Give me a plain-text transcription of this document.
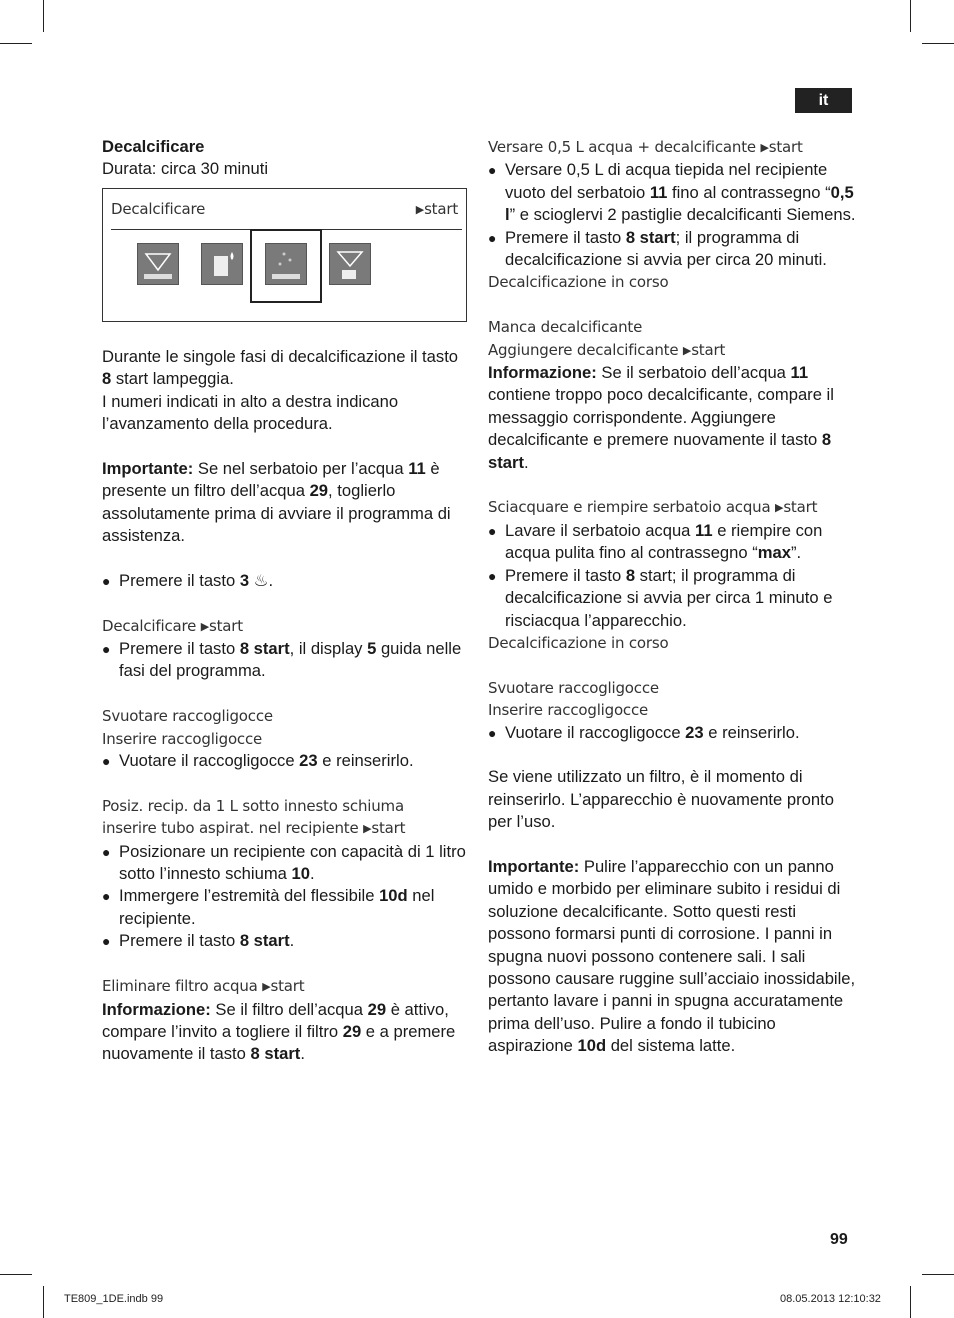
it

Decalcificare

Durata: circa 30 minuti

Decalcificare	▶start

Durante le singole fasi di decalcificazione il tasto 8 start lampeggia.

I numeri indicati in alto a destra indicano l’avanzamento della procedura.

Importante: Se nel serbatoio per l’acqua 11 è presente un filtro dell’acqua 29, toglierlo assolutamente prima di avviare il programma di assistenza.

● Premere il tasto 3 ♨.

Decalcificare ▶start

● Premere il tasto 8 start, il display 5 guida nelle fasi del programma.

Svuotare raccogligocce

Inserire raccogligocce

● Vuotare il raccogligocce 23 e reinserirlo.

Posiz. recip. da 1 L sotto innesto schiuma

inserire tubo aspirat. nel recipiente ▶start

● Posizionare un recipiente con capacità di 1 litro sotto l’innesto schiuma 10.

● Immergere l’estremità del flessibile 10d nel recipiente.

● Premere il tasto 8 start.

Eliminare filtro acqua ▶start

Informazione: Se il filtro dell’acqua 29 è attivo, compare l’invito a togliere il filtro 29 e a premere nuovamente il tasto 8 start.

Versare 0,5 L acqua + decalcificante ▶start

● Versare 0,5 L di acqua tiepida nel recipiente vuoto del serbatoio 11 fino al contrassegno “0,5 l” e scioglervi 2 pastiglie decalcificanti Siemens.

● Premere il tasto 8 start; il programma di decalcificazione si avvia per circa 20 minuti.

Decalcificazione in corso

Manca decalcificante

Aggiungere decalcificante ▶start

Informazione: Se il serbatoio dell’acqua 11 contiene troppo poco decalcificante, compare il messaggio corrispondente. Aggiungere decalcificante e premere nuovamente il tasto 8 start.

Sciacquare e riempire serbatoio acqua ▶start

● Lavare il serbatoio acqua 11 e riempire con acqua pulita fino al contrassegno “max”.

● Premere il tasto 8 start; il programma di decalcificazione si avvia per circa 1 minuto e risciacqua l’apparecchio.

Decalcificazione in corso

Svuotare raccogligocce

Inserire raccogligocce

● Vuotare il raccogligocce 23 e reinserirlo.

Se viene utilizzato un filtro, è il momento di reinserirlo. L’apparecchio è nuovamente pronto per l’uso.

Importante: Pulire l’apparecchio con un panno umido e morbido per eliminare subito i residui di soluzione decalcificante. Sotto questi resti possono formarsi punti di corrosione. I panni in spugna nuovi possono contenere sali. I sali possono causare ruggine sull’acciaio inossidabile, pertanto lavare i panni in spugna accuratamente prima dell’uso. Pulire a fondo il tubicino aspirazione 10d del sistema latte.

99
TE809_1DE.indb 99	08.05.2013 12:10:32
